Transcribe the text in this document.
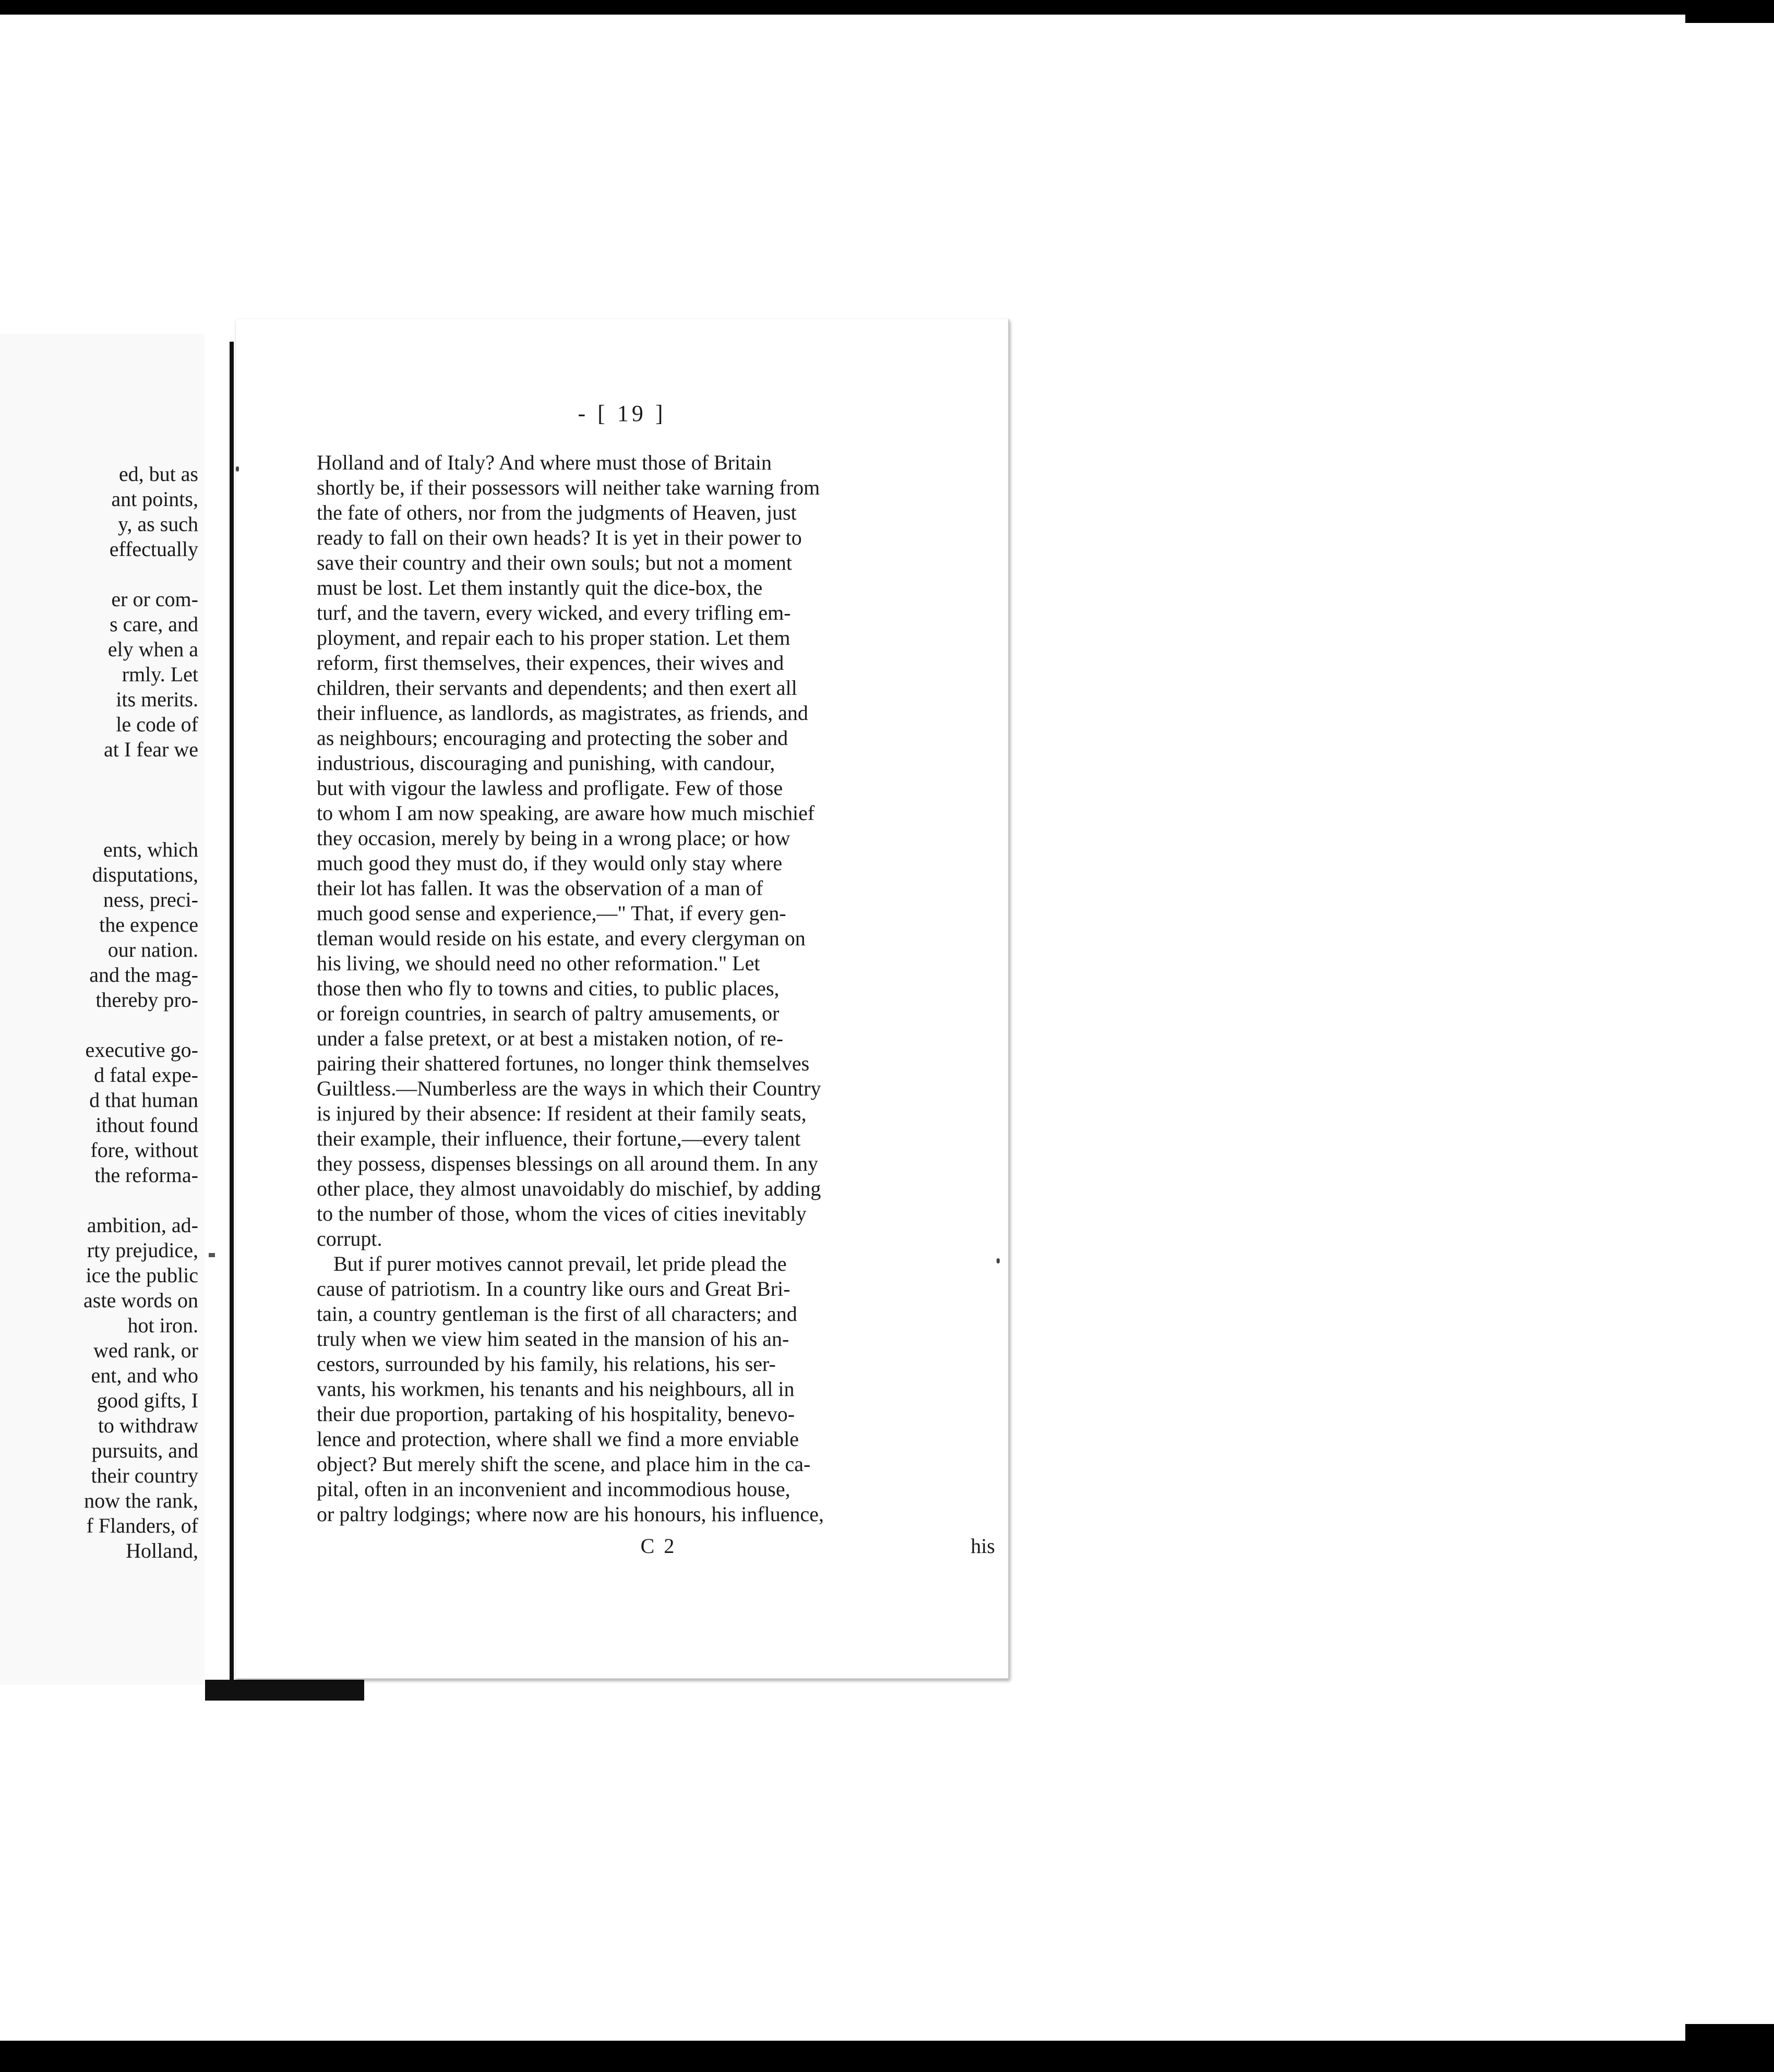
ed, but as
ant points,
y, as such
effectually
er or com-
s care, and
ely when a
rmly. Let
its merits.
le code of
at I fear we
ents, which
disputations,
ness, preci-
the expence
our nation.
and the mag-
thereby pro-
executive go-
d fatal expe-
d that human
ithout found
fore, without
the reforma-
ambition, ad-
rty prejudice,
ice the public
aste words on
hot iron.
wed rank, or
ent, and who
good gifts, I
to withdraw
pursuits, and
their country
now the rank,
f Flanders, of
Holland,
- [ 19 ]
Holland and of Italy? And where must those of Britain
shortly be, if their possessors will neither take warning from
the fate of others, nor from the judgments of Heaven, just
ready to fall on their own heads? It is yet in their power to
save their country and their own souls; but not a moment
must be lost. Let them instantly quit the dice-box, the
turf, and the tavern, every wicked, and every trifling em-
ployment, and repair each to his proper station. Let them
reform, first themselves, their expences, their wives and
children, their servants and dependents; and then exert all
their influence, as landlords, as magistrates, as friends, and
as neighbours; encouraging and protecting the sober and
industrious, discouraging and punishing, with candour,
but with vigour the lawless and profligate. Few of those
to whom I am now speaking, are aware how much mischief
they occasion, merely by being in a wrong place; or how
much good they must do, if they would only stay where
their lot has fallen. It was the observation of a man of
much good sense and experience,—" That, if every gen-
tleman would reside on his estate, and every clergyman on
his living, we should need no other reformation." Let
those then who fly to towns and cities, to public places,
or foreign countries, in search of paltry amusements, or
under a false pretext, or at best a mistaken notion, of re-
pairing their shattered fortunes, no longer think themselves
Guiltless.—Numberless are the ways in which their Country
is injured by their absence: If resident at their family seats,
their example, their influence, their fortune,—every talent
they possess, dispenses blessings on all around them. In any
other place, they almost unavoidably do mischief, by adding
to the number of those, whom the vices of cities inevitably
corrupt.
But if purer motives cannot prevail, let pride plead the
cause of patriotism. In a country like ours and Great Bri-
tain, a country gentleman is the first of all characters; and
truly when we view him seated in the mansion of his an-
cestors, surrounded by his family, his relations, his ser-
vants, his workmen, his tenants and his neighbours, all in
their due proportion, partaking of his hospitality, benevo-
lence and protection, where shall we find a more enviable
object? But merely shift the scene, and place him in the ca-
pital, often in an inconvenient and incommodious house,
or paltry lodgings; where now are his honours, his influence,
C 2	his
